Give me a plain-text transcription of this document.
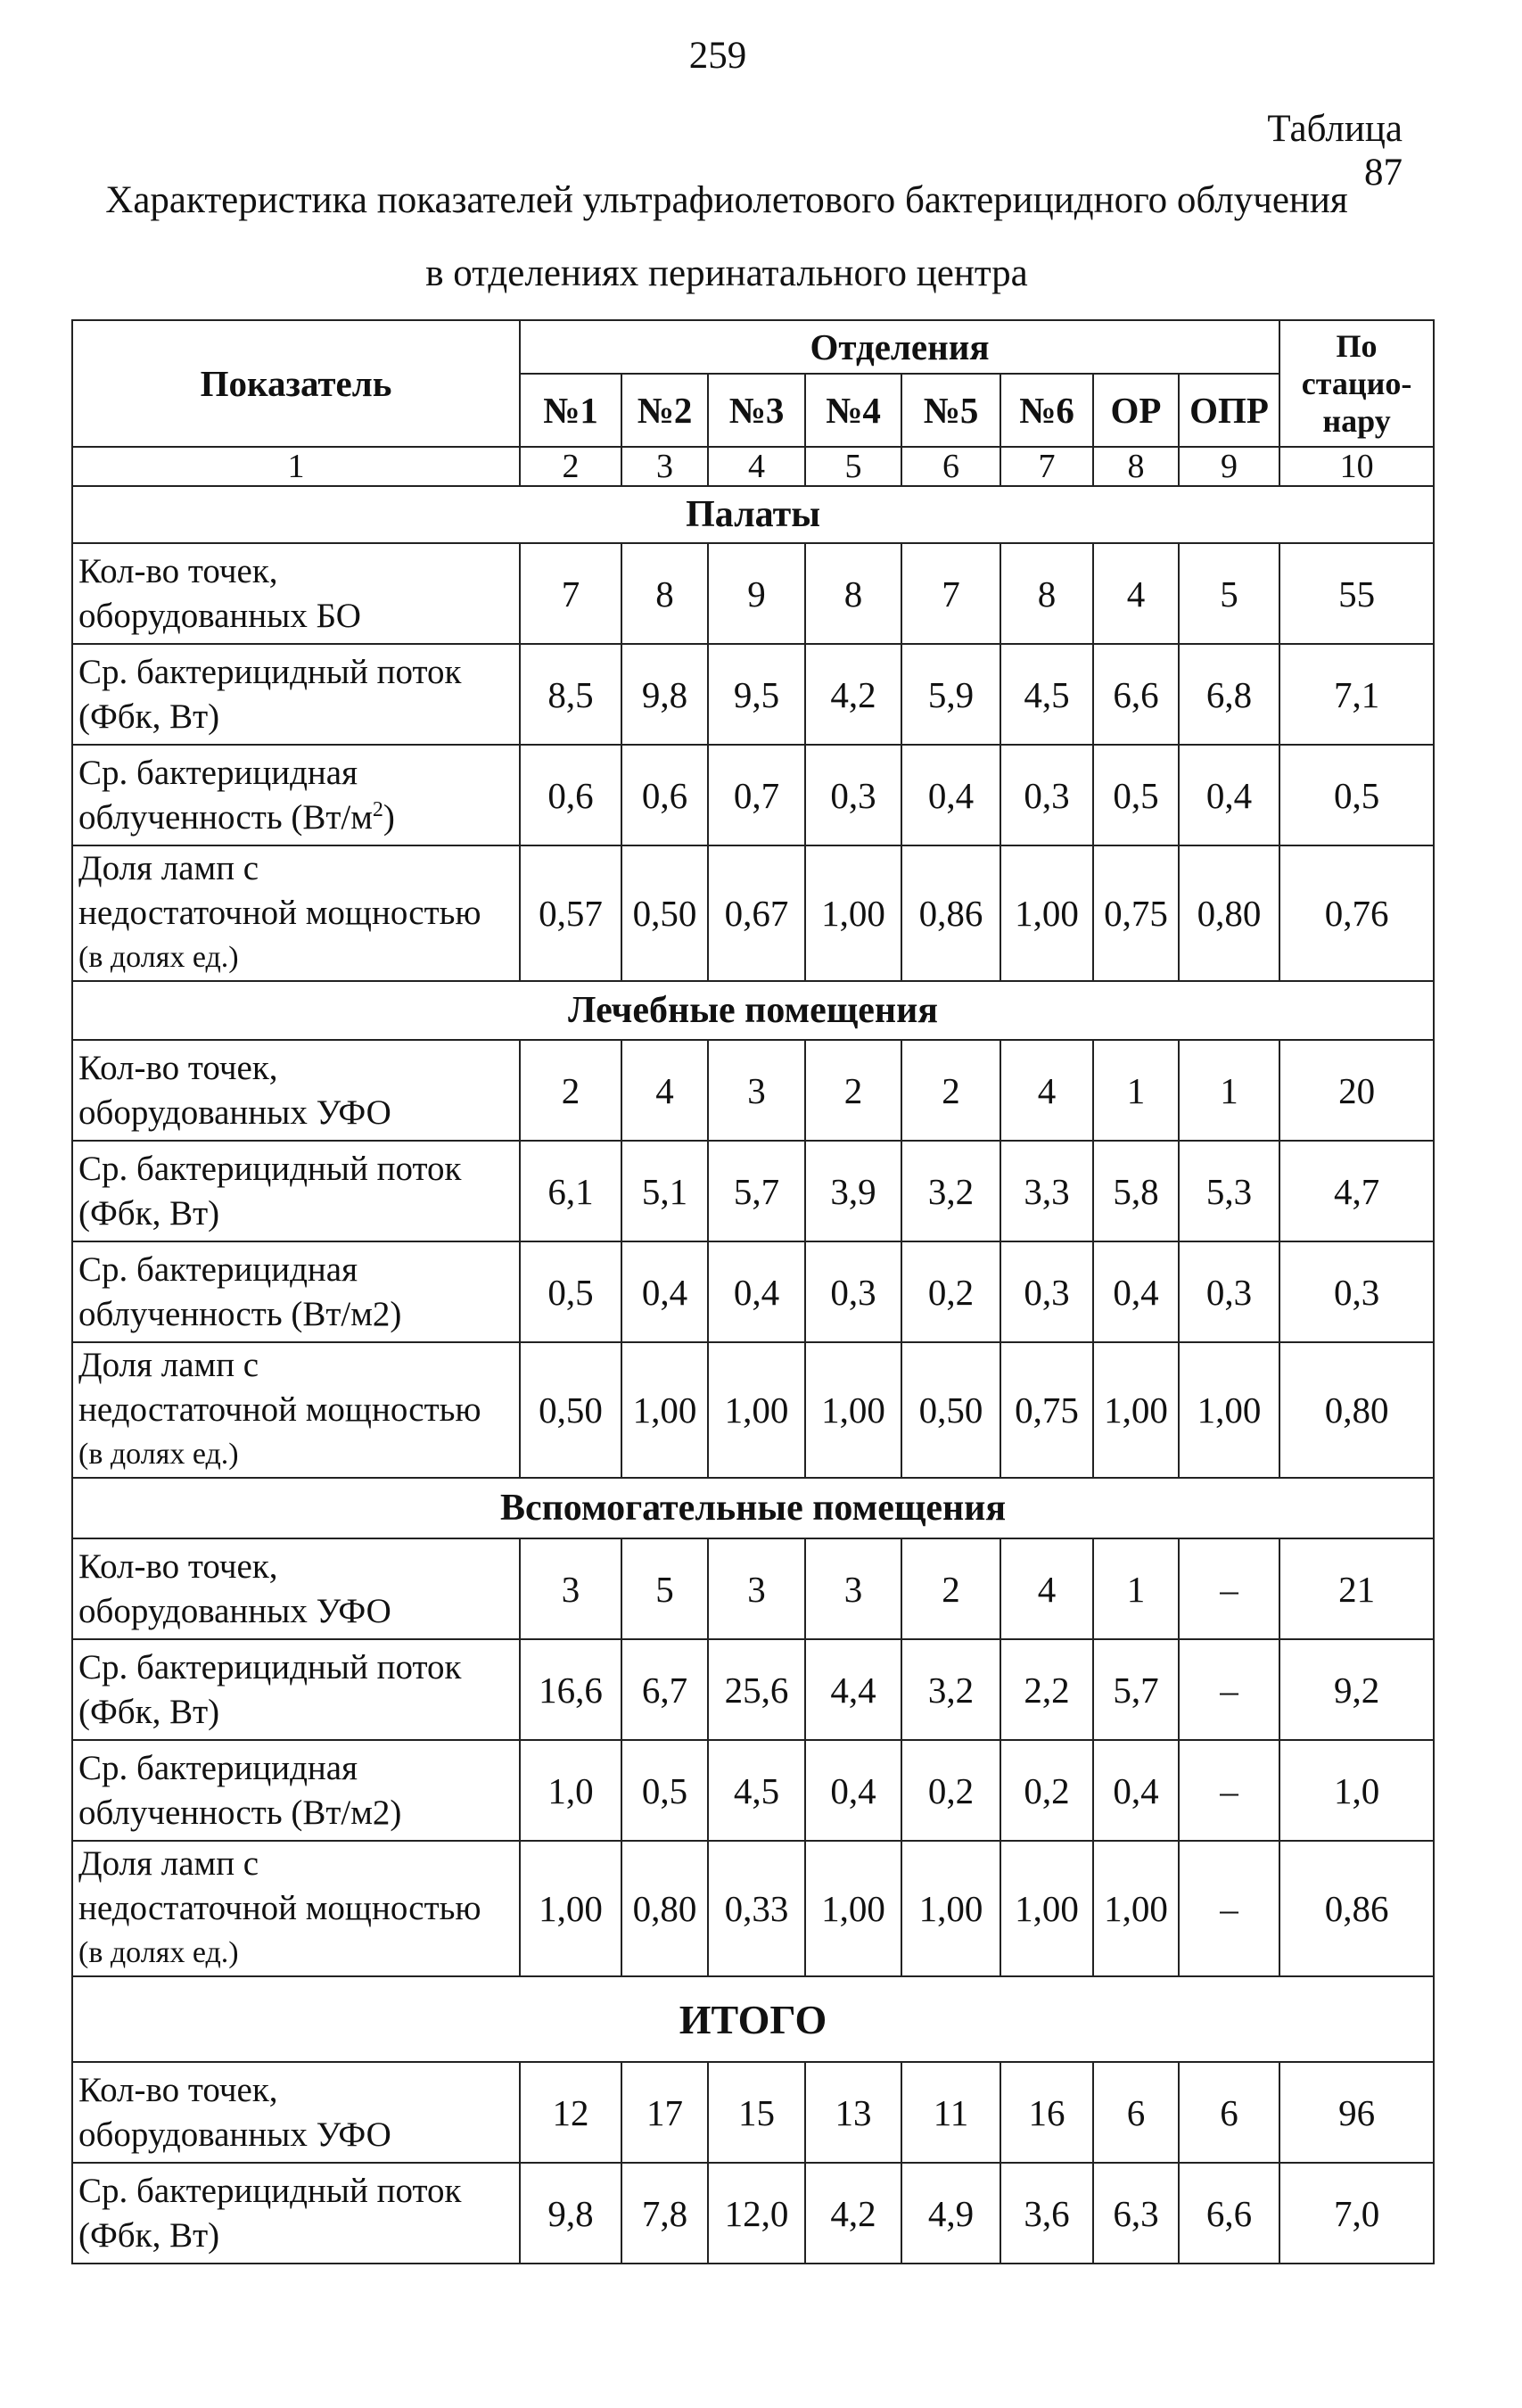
259
Таблица 87
Характеристика показателей ультрафиолетового бактерицидного облучения
в отделениях перинатального центра
Показатель	Отделения								По стацио-нару
	№1	№2	№3	№4	№5	№6	ОР	ОПР	
1	2	3	4	5	6	7	8	9	10
Палаты									

Кол-во точек,
оборудованных БО	7	8	9	8	7	8	4	5	55

Ср. бактерицидный поток
(Фбк, Вт)	8,5	9,8	9,5	4,2	5,9	4,5	6,6	6,8	7,1

Ср. бактерицидная
облученность $(Вт/м^2)$	0,6	0,6	0,7	0,3	0,4	0,3	0,5	0,4	0,5

Доля ламп с
недостаточной мощностью
(в долях ед.)	0,57	0,50	0,67	1,00	0,86	1,00	0,75	0,80	0,76
Лечебные помещения									

Кол-во точек,
оборудованных УФО	2	4	3	2	2	4	1	1	20

Ср. бактерицидный поток
(Фбк, Вт)	6,1	5,1	5,7	3,9	3,2	3,3	5,8	5,3	4,7

Ср. бактерицидная
облученность (Вт/м2)	0,5	0,4	0,4	0,3	0,2	0,3	0,4	0,3	0,3

Доля ламп с
недостаточной мощностью
(в долях ед.)	0,50	1,00	1,00	1,00	0,50	0,75	1,00	1,00	0,80
Вспомогательные помещения									

Кол-во точек,
оборудованных УФО	3	5	3	3	2	4	1	–	21

Ср. бактерицидный поток
(Фбк, Вт)	16,6	6,7	25,6	4,4	3,2	2,2	5,7	–	9,2

Ср. бактерицидная
облученность (Вт/м2)	1,0	0,5	4,5	0,4	0,2	0,2	0,4	–	1,0

Доля ламп с
недостаточной мощностью
(в долях ед.)	1,00	0,80	0,33	1,00	1,00	1,00	1,00	–	0,86
ИТОГО									

Кол-во точек,
оборудованных УФО	12	17	15	13	11	16	6	6	96

Ср. бактерицидный поток
(Фбк, Вт)	9,8	7,8	12,0	4,2	4,9	3,6	6,3	6,6	7,0
